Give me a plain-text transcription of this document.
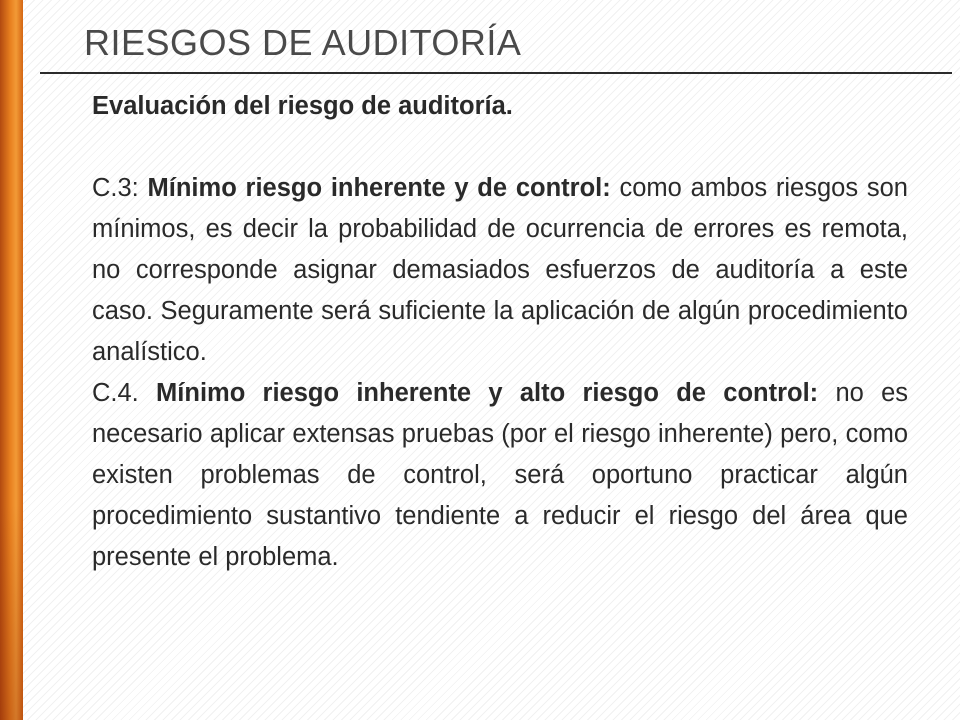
RIESGOS DE AUDITORÍA

Evaluación del riesgo de auditoría.

C.3: Mínimo riesgo inherente y de control: como ambos riesgos son mínimos, es decir la probabilidad de ocurrencia de errores es remota, no corresponde asignar demasiados esfuerzos de auditoría a este caso. Seguramente será suficiente la aplicación de algún procedimiento analístico.

C.4. Mínimo riesgo inherente y alto riesgo de control: no es necesario aplicar extensas pruebas (por el riesgo inherente) pero, como existen problemas de control, será oportuno practicar algún procedimiento sustantivo tendiente a reducir el riesgo del área que presente el problema.
